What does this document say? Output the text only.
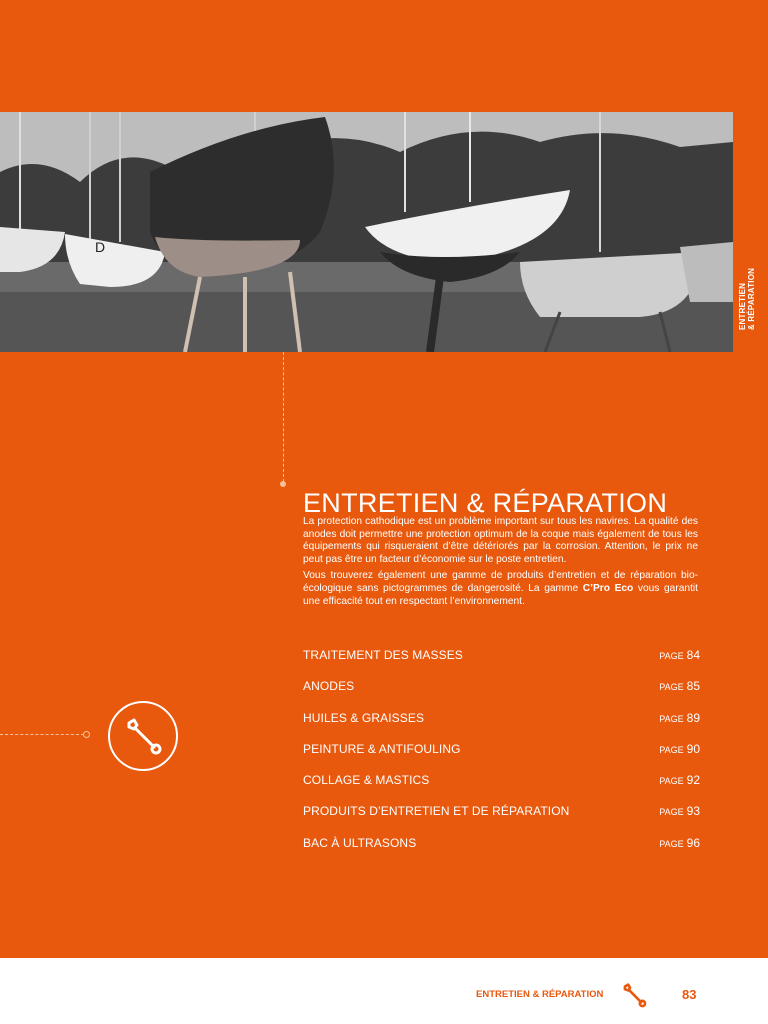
D
ENTRETIEN & RÉPARATION
ENTRETIEN & RÉPARATION

La protection cathodique est un problème important sur tous les navires. La qualité des anodes doit permettre une protection optimum de la coque mais également de tous les équipements qui risqueraient d’être détériorés par la corrosion. Attention, le prix ne peut pas être un facteur d’économie sur le poste entretien.

Vous trouverez également une gamme de produits d’entretien et de réparation bio-écologique sans pictogrammes de dangerosité. La gamme C’Pro Eco vous garantit une efficacité tout en respectant l’environnement.

TRAITEMENT DES MASSES	PAGE 84
ANODES	PAGE 85
HUILES & GRAISSES	PAGE 89
PEINTURE & ANTIFOULING	PAGE 90
COLLAGE & MASTICS	PAGE 92
PRODUITS D’ENTRETIEN ET DE RÉPARATION	PAGE 93
BAC À ULTRASONS	PAGE 96
ENTRETIEN & RÉPARATION	83
